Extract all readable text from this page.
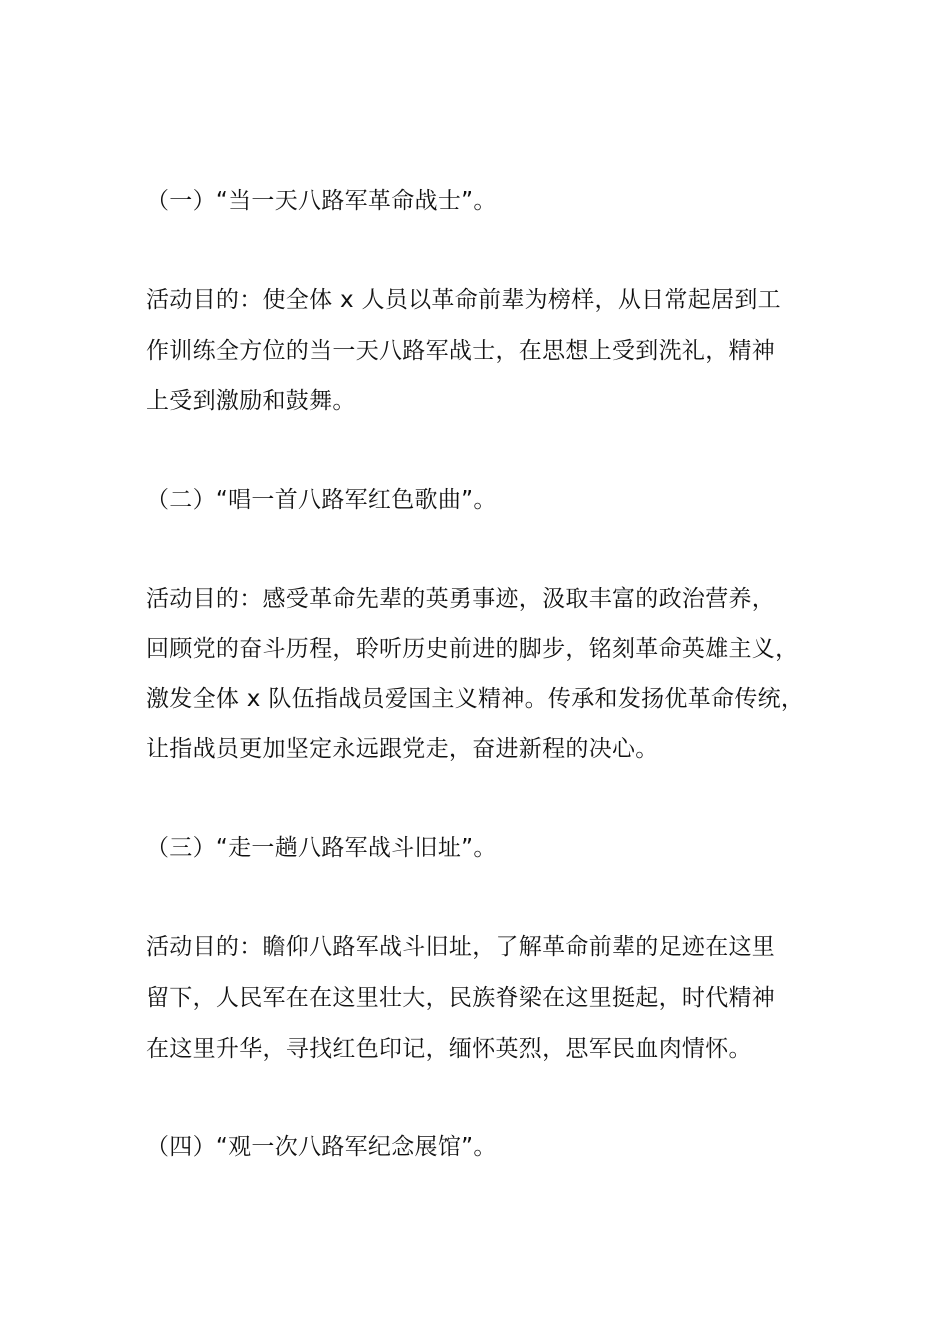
（一）“当一天八路军革命战士”。
活动目的：使全体 x 人员以革命前辈为榜样，从日常起居到工
作训练全方位的当一天八路军战士，在思想上受到洗礼，精神
上受到激励和鼓舞。
（二）“唱一首八路军红色歌曲”。
活动目的：感受革命先辈的英勇事迹，汲取丰富的政治营养，
回顾党的奋斗历程，聆听历史前进的脚步，铭刻革命英雄主义，
激发全体 x 队伍指战员爱国主义精神。传承和发扬优革命传统，
让指战员更加坚定永远跟党走，奋进新程的决心。
（三）“走一趟八路军战斗旧址”。
活动目的：瞻仰八路军战斗旧址，了解革命前辈的足迹在这里
留下，人民军在在这里壮大，民族脊梁在这里挺起，时代精神
在这里升华，寻找红色印记，缅怀英烈，思军民血肉情怀。
（四）“观一次八路军纪念展馆”。
